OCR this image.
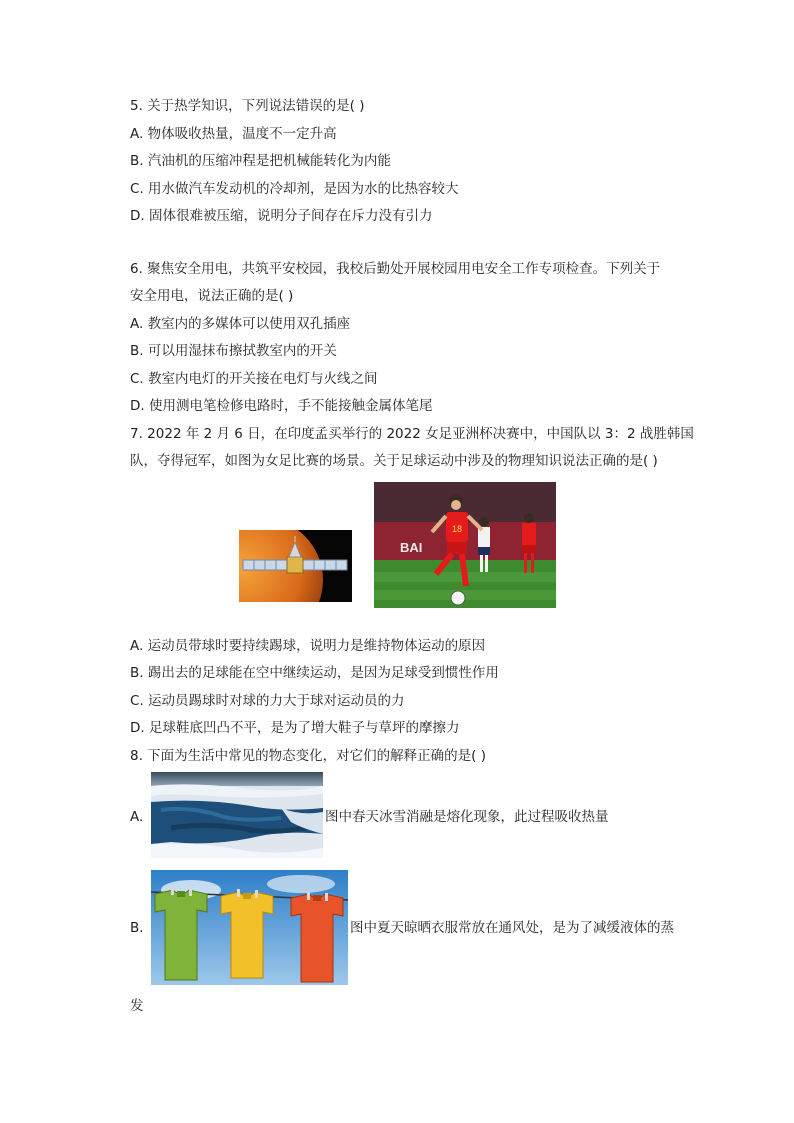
5. 关于热学知识，下列说法错误的是( )
A. 物体吸收热量，温度不一定升高
B. 汽油机的压缩冲程是把机械能转化为内能
C. 用水做汽车发动机的冷却剂，是因为水的比热容较大
D. 固体很难被压缩，说明分子间存在斥力没有引力
6. 聚焦安全用电，共筑平安校园，我校后勤处开展校园用电安全工作专项检查。下列关于
安全用电，说法正确的是( )
A. 教室内的多媒体可以使用双孔插座
B. 可以用湿抹布擦拭教室内的开关
C. 教室内电灯的开关接在电灯与火线之间
D. 使用测电笔检修电路时，手不能接触金属体笔尾
7. 2022 年 2 月 6 日，在印度孟买举行的 2022 女足亚洲杯决赛中，中国队以 3：2 战胜韩国
队，夺得冠军，如图为女足比赛的场景。关于足球运动中涉及的物理知识说法正确的是( )
BAI
18
A. 运动员带球时要持续踢球，说明力是维持物体运动的原因
B. 踢出去的足球能在空中继续运动，是因为足球受到惯性作用
C. 运动员踢球时对球的力大于球对运动员的力
D. 足球鞋底凹凸不平，是为了增大鞋子与草坪的摩擦力
8. 下面为生活中常见的物态变化，对它们的解释正确的是( )
A.	图中春天冰雪消融是熔化现象，此过程吸收热量
B.	图中夏天晾晒衣服常放在通风处，是为了减缓液体的蒸
发
